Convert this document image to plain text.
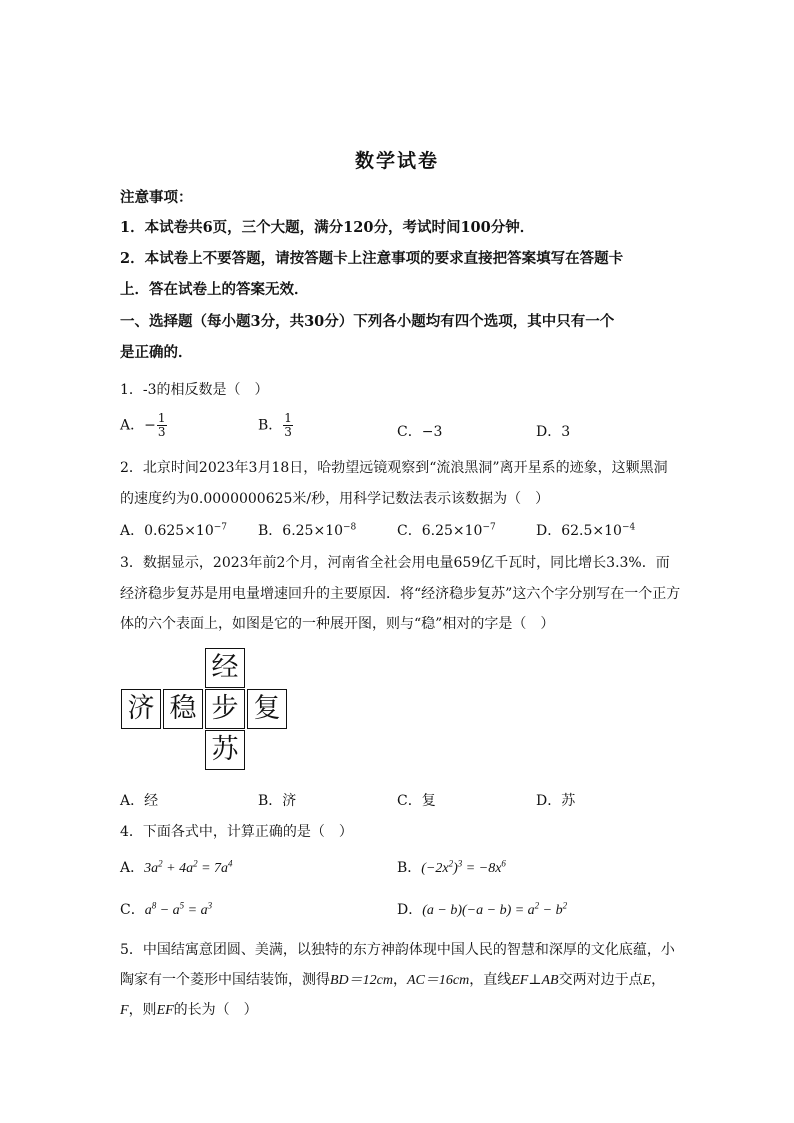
数学试卷
注意事项：
1．本试卷共6页，三个大题，满分120分，考试时间100分钟．
2．本试卷上不要答题，请按答题卡上注意事项的要求直接把答案填写在答题卡
上．答在试卷上的答案无效．
一、选择题（每小题3分，共30分）下列各小题均有四个选项，其中只有一个
是正确的．
1．-3的相反数是（　）
A．− $\frac{1}{3}$	B． $\frac{1}{3}$	C．−3	D．3
2．北京时间2023年3月18日，哈勃望远镜观察到“流浪黑洞”离开星系的迹象，这颗黑洞
的速度约为0.0000000625米/秒，用科学记数法表示该数据为（　）
A．$0.625\times 10^{-7}$ B．$6.25\times 10^{-8}$	C．$6.25\times 10^{-7}$	D．$62.5\times 10^{-4}$
3．数据显示，2023年前2个月，河南省全社会用电量659亿千瓦时，同比增长3.3%．而
经济稳步复苏是用电量增速回升的主要原因．将“经济稳步复苏”这六个字分别写在一个正方
体的六个表面上，如图是它的一种展开图，则与“稳”相对的字是（　）
经
济 稳 步 复
苏
A．经	B．济	C．复	D．苏
4．下面各式中，计算正确的是（　）
A．$3a^2 + 4a^2 = 7a^4$	B．$(-2x^2)^3 = -8x^6$
C．$a^8 - a^5 = a^3$	D．$(a - b)(-a - b) = a^2 - b^2$
5．中国结寓意团圆、美满，以独特的东方神韵体现中国人民的智慧和深厚的文化底蕴，小
陶家有一个菱形中国结装饰，测得BD＝12cm，AC＝16cm，直线EF⊥AB交两对边于点E，
F，则EF的长为（　）
